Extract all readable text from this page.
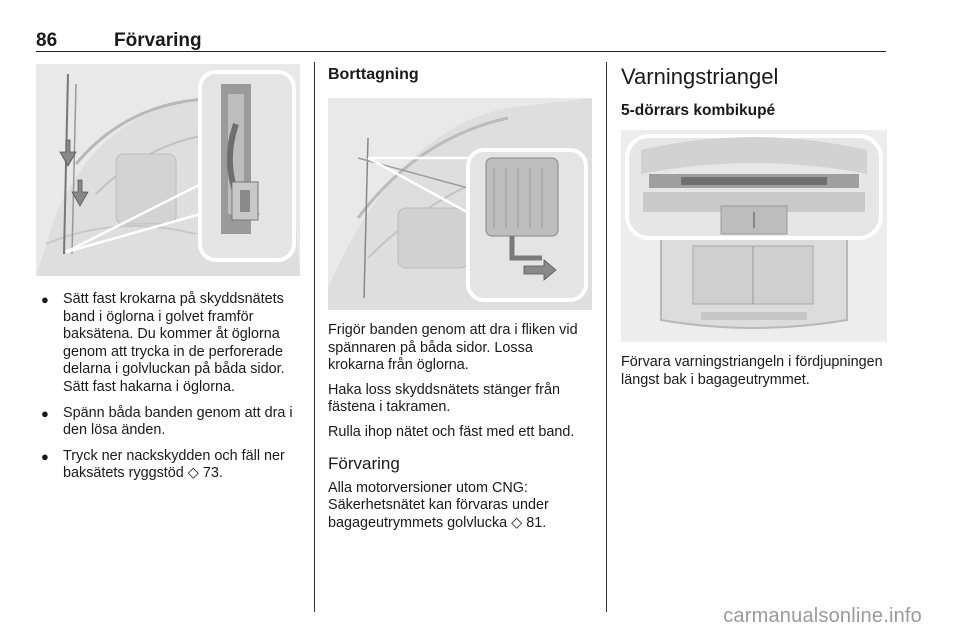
86	Förvaring
● Sätt fast krokarna på skyddsnätets band i öglorna i golvet framför baksätena. Du kommer åt öglorna genom att trycka in de perforerade delarna i golvluckan på båda sidor. Sätt fast hakarna i öglorna.
● Spänn båda banden genom att dra i den lösa änden.
● Tryck ner nackskydden och fäll ner baksätets ryggstöd ◇ 73.
Borttagning

Frigör banden genom att dra i fliken vid spännaren på båda sidor. Lossa krokarna från öglorna.

Haka loss skyddsnätets stänger från fästena i takramen.

Rulla ihop nätet och fäst med ett band.

Förvaring

Alla motorversioner utom CNG: Säkerhetsnätet kan förvaras under bagageutrymmets golvlucka ◇ 81.

Varningstriangel
5-dörrars kombikupé

Förvara varningstriangeln i fördjupningen längst bak i bagageutrymmet.

carmanualsonline.info
